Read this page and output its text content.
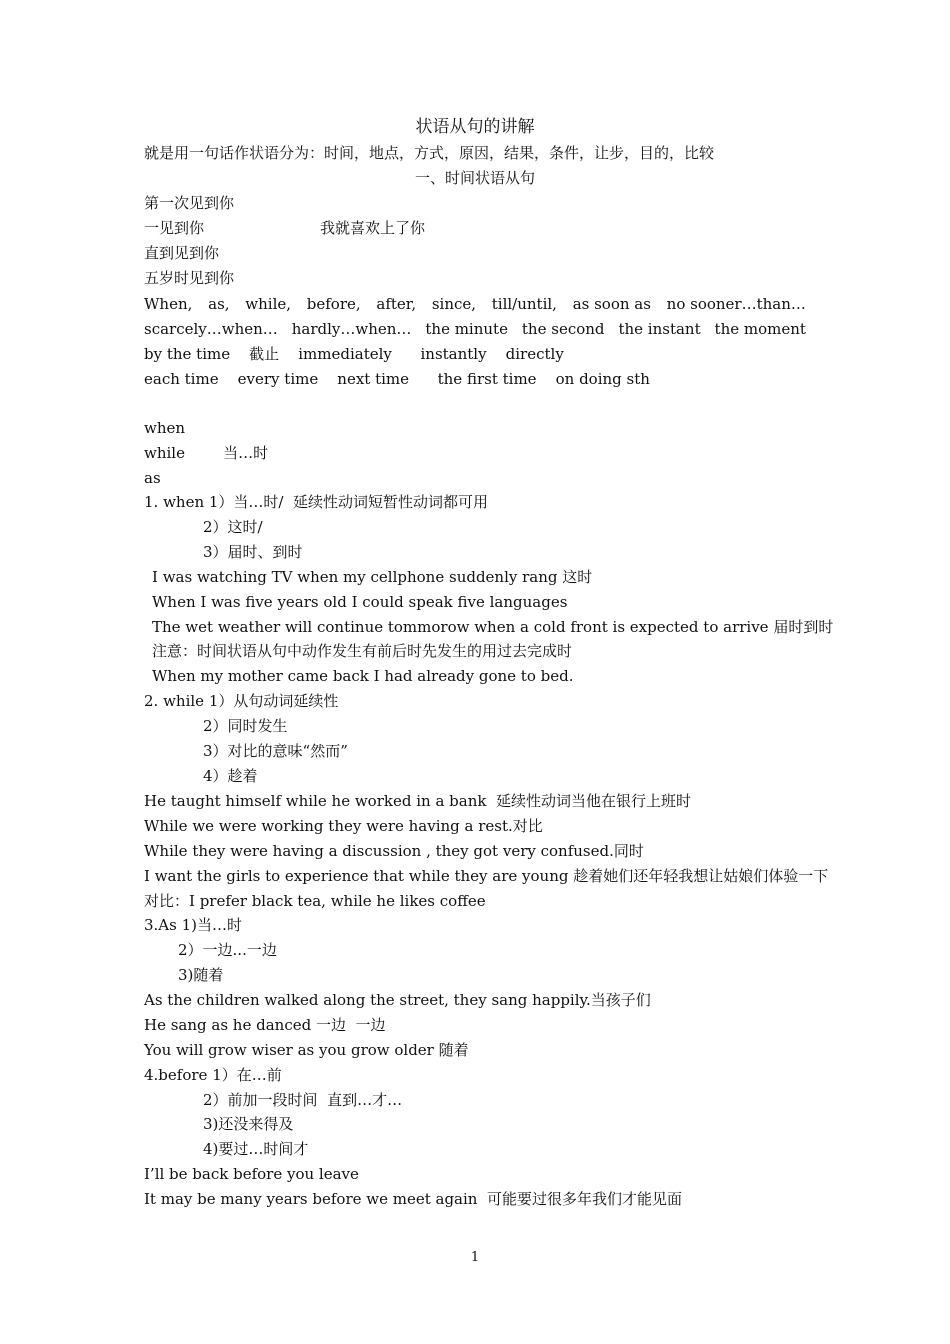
状语从句的讲解
就是用一句话作状语分为：时间，地点，方式，原因，结果，条件，让步，目的，比较
一、时间状语从句
第一次见到你
一见到你	我就喜欢上了你
直到见到你
五岁时见到你
When, as, while, before, after, since, till/until, as soon as no sooner…than…
scarcely…when… hardly…when… the minute the second the instant the moment
by the time    截止    immediately      instantly    directly
each time    every time    next time      the first time    on doing sth
when
while        当…时
as
1. when 1）当…时/  延续性动词短暂性动词都可用
2）这时/
3）届时、到时
I was watching TV when my cellphone suddenly rang 这时
When I was five years old I could speak five languages
The wet weather will continue tommorow when a cold front is expected to arrive 届时到时
注意：时间状语从句中动作发生有前后时先发生的用过去完成时
When my mother came back I had already gone to bed.
2. while 1）从句动词延续性
2）同时发生
3）对比的意味“然而”
4）趁着
He taught himself while he worked in a bank  延续性动词当他在银行上班时
While we were working they were having a rest.对比
While they were having a discussion , they got very confused.同时
I want the girls to experience that while they are young 趁着她们还年轻我想让姑娘们体验一下
对比：I prefer black tea, while he likes coffee
3.As 1)当…时
2）一边...一边
3)随着
As the children walked along the street, they sang happily.当孩子们
He sang as he danced 一边  一边
You will grow wiser as you grow older 随着
4.before 1）在…前
2）前加一段时间  直到…才…
3)还没来得及
4)要过…时间才
I’ll be back before you leave
It may be many years before we meet again  可能要过很多年我们才能见面
1
